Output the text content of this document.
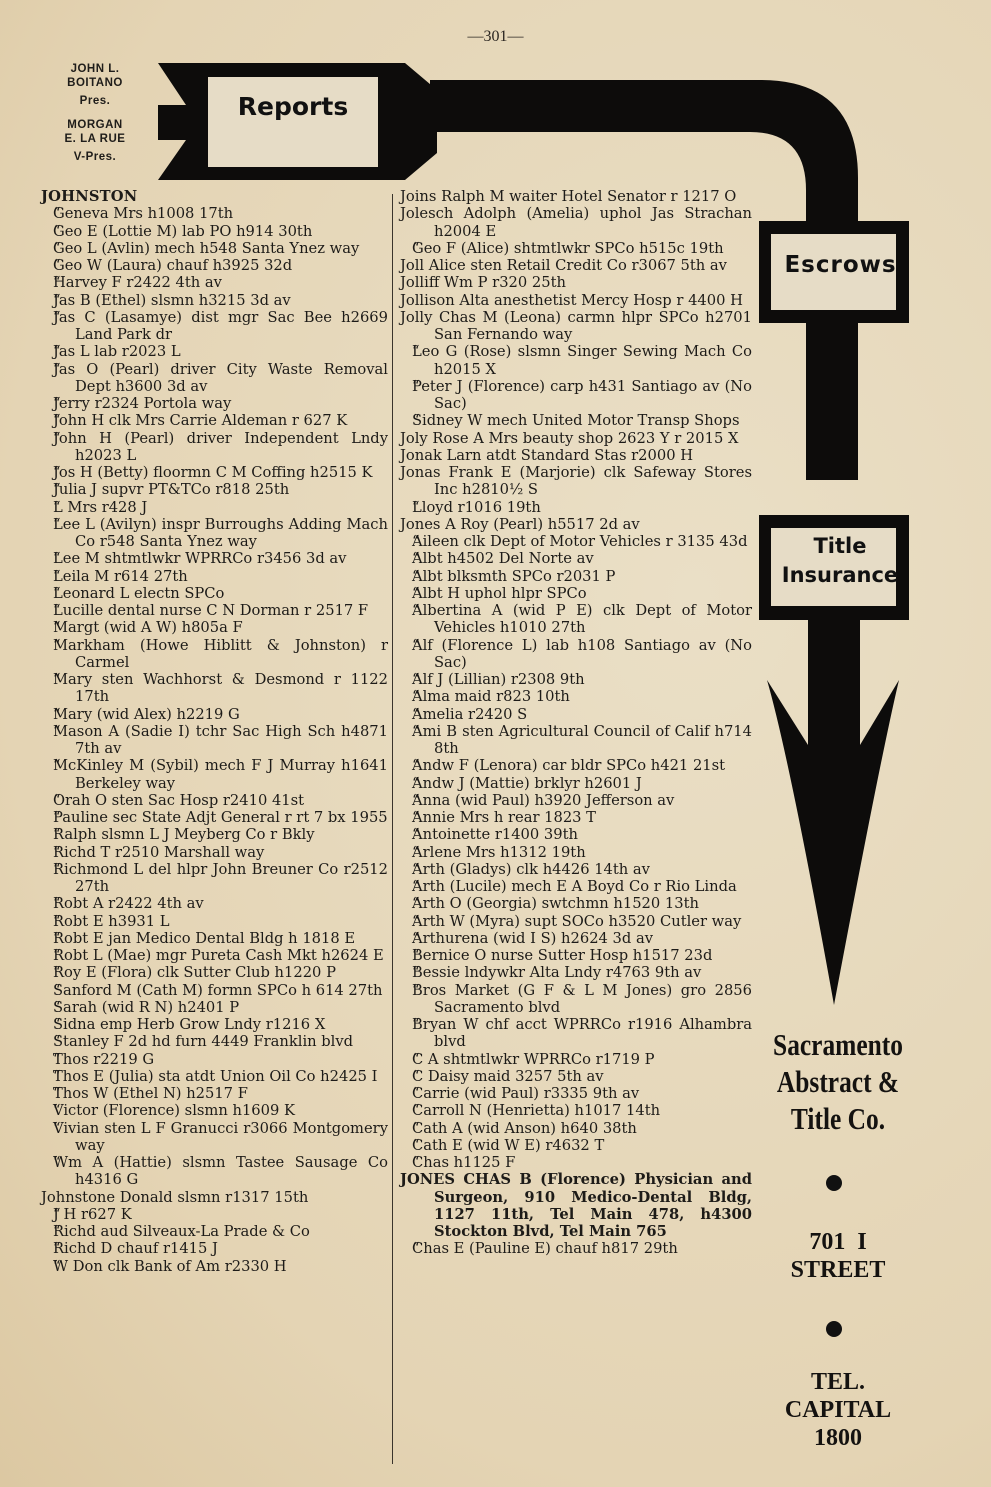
—301—
JOHN L.
BOITANO
Pres.
MORGAN
E. LA RUE
V-Pres.
Reports
Escrows
Title
Insurance
Sacramento
Abstract &
Title Co.
701  I
STREET
TEL.
CAPITAL
1800
JOHNSTON
“ Geneva Mrs h1008 17th
“ Geo E (Lottie M) lab PO h914 30th
“ Geo L (Avlin) mech h548 Santa Ynez way
“ Geo W (Laura) chauf h3925 32d
“ Harvey F r2422 4th av
“ Jas B (Ethel) slsmn h3215 3d av
“ Jas C (Lasamye) dist mgr Sac Bee h2669 Land Park dr
“ Jas L lab r2023 L
“ Jas O (Pearl) driver City Waste Removal Dept h3600 3d av
“ Jerry r2324 Portola way
“ John H clk Mrs Carrie Aldeman r 627 K
“ John H (Pearl) driver Independent Lndy h2023 L
“ Jos H (Betty) floormn C M Coffing h2515 K
“ Julia J supvr PT&TCo r818 25th
“ L Mrs r428 J
“ Lee L (Avilyn) inspr Burroughs Adding Mach Co r548 Santa Ynez way
“ Lee M shtmtlwkr WPRRCo r3456 3d av
“ Leila M r614 27th
“ Leonard L electn SPCo
“ Lucille dental nurse C N Dorman r 2517 F
“ Margt (wid A W) h805a F
“ Markham (Howe Hiblitt & Johnston) r Carmel
“ Mary sten Wachhorst & Desmond r 1122 17th
“ Mary (wid Alex) h2219 G
“ Mason A (Sadie I) tchr Sac High Sch h4871 7th av
“ McKinley M (Sybil) mech F J Murray h1641 Berkeley way
“ Orah O sten Sac Hosp r2410 41st
“ Pauline sec State Adjt General r rt 7 bx 1955
“ Ralph slsmn L J Meyberg Co r Bkly
“ Richd T r2510 Marshall way
“ Richmond L del hlpr John Breuner Co r2512 27th
“ Robt A r2422 4th av
“ Robt E h3931 L
“ Robt E jan Medico Dental Bldg h 1818 E
“ Robt L (Mae) mgr Pureta Cash Mkt h2624 E
“ Roy E (Flora) clk Sutter Club h1220 P
“ Sanford M (Cath M) formn SPCo h 614 27th
“ Sarah (wid R N) h2401 P
“ Sidna emp Herb Grow Lndy r1216 X
“ Stanley F 2d hd furn 4449 Franklin blvd
“ Thos r2219 G
“ Thos E (Julia) sta atdt Union Oil Co h2425 I
“ Thos W (Ethel N) h2517 F
“ Victor (Florence) slsmn h1609 K
“ Vivian sten L F Granucci r3066 Montgomery way
“ Wm A (Hattie) slsmn Tastee Sausage Co h4316 G
Johnstone Donald slsmn r1317 15th
“ J H r627 K
“ Richd aud Silveaux-La Prade & Co
“ Richd D chauf r1415 J
“ W Don clk Bank of Am r2330 H
Joins Ralph M waiter Hotel Senator r 1217 O
Jolesch Adolph (Amelia) uphol Jas Strachan h2004 E
“ Geo F (Alice) shtmtlwkr SPCo h515c 19th
Joll Alice sten Retail Credit Co r3067 5th av
Jolliff Wm P r320 25th
Jollison Alta anesthetist Mercy Hosp r 4400 H
Jolly Chas M (Leona) carmn hlpr SPCo h2701 San Fernando way
“ Leo G (Rose) slsmn Singer Sewing Mach Co h2015 X
“ Peter J (Florence) carp h431 Santiago av (No Sac)
“ Sidney W mech United Motor Transp Shops
Joly Rose A Mrs beauty shop 2623 Y r 2015 X
Jonak Larn atdt Standard Stas r2000 H
Jonas Frank E (Marjorie) clk Safeway Stores Inc h2810½ S
“ Lloyd r1016 19th
Jones A Roy (Pearl) h5517 2d av
“ Aileen clk Dept of Motor Vehicles r 3135 43d
“ Albt h4502 Del Norte av
“ Albt blksmth SPCo r2031 P
“ Albt H uphol hlpr SPCo
“ Albertina A (wid P E) clk Dept of Motor Vehicles h1010 27th
“ Alf (Florence L) lab h108 Santiago av (No Sac)
“ Alf J (Lillian) r2308 9th
“ Alma maid r823 10th
“ Amelia r2420 S
“ Ami B sten Agricultural Council of Calif h714 8th
“ Andw F (Lenora) car bldr SPCo h421 21st
“ Andw J (Mattie) brklyr h2601 J
“ Anna (wid Paul) h3920 Jefferson av
“ Annie Mrs h rear 1823 T
“ Antoinette r1400 39th
“ Arlene Mrs h1312 19th
“ Arth (Gladys) clk h4426 14th av
“ Arth (Lucile) mech E A Boyd Co r Rio Linda
“ Arth O (Georgia) swtchmn h1520 13th
“ Arth W (Myra) supt SOCo h3520 Cutler way
“ Arthurena (wid I S) h2624 3d av
“ Bernice O nurse Sutter Hosp h1517 23d
“ Bessie lndywkr Alta Lndy r4763 9th av
“ Bros Market (G F & L M Jones) gro 2856 Sacramento blvd
“ Bryan W chf acct WPRRCo r1916 Alhambra blvd
“ C A shtmtlwkr WPRRCo r1719 P
“ C Daisy maid 3257 5th av
“ Carrie (wid Paul) r3335 9th av
“ Carroll N (Henrietta) h1017 14th
“ Cath A (wid Anson) h640 38th
“ Cath E (wid W E) r4632 T
“ Chas h1125 F
JONES CHAS B (Florence) Physician and Surgeon, 910 Medico-Dental Bldg, 1127 11th, Tel Main 478, h4300 Stockton Blvd, Tel Main 765
“ Chas E (Pauline E) chauf h817 29th
